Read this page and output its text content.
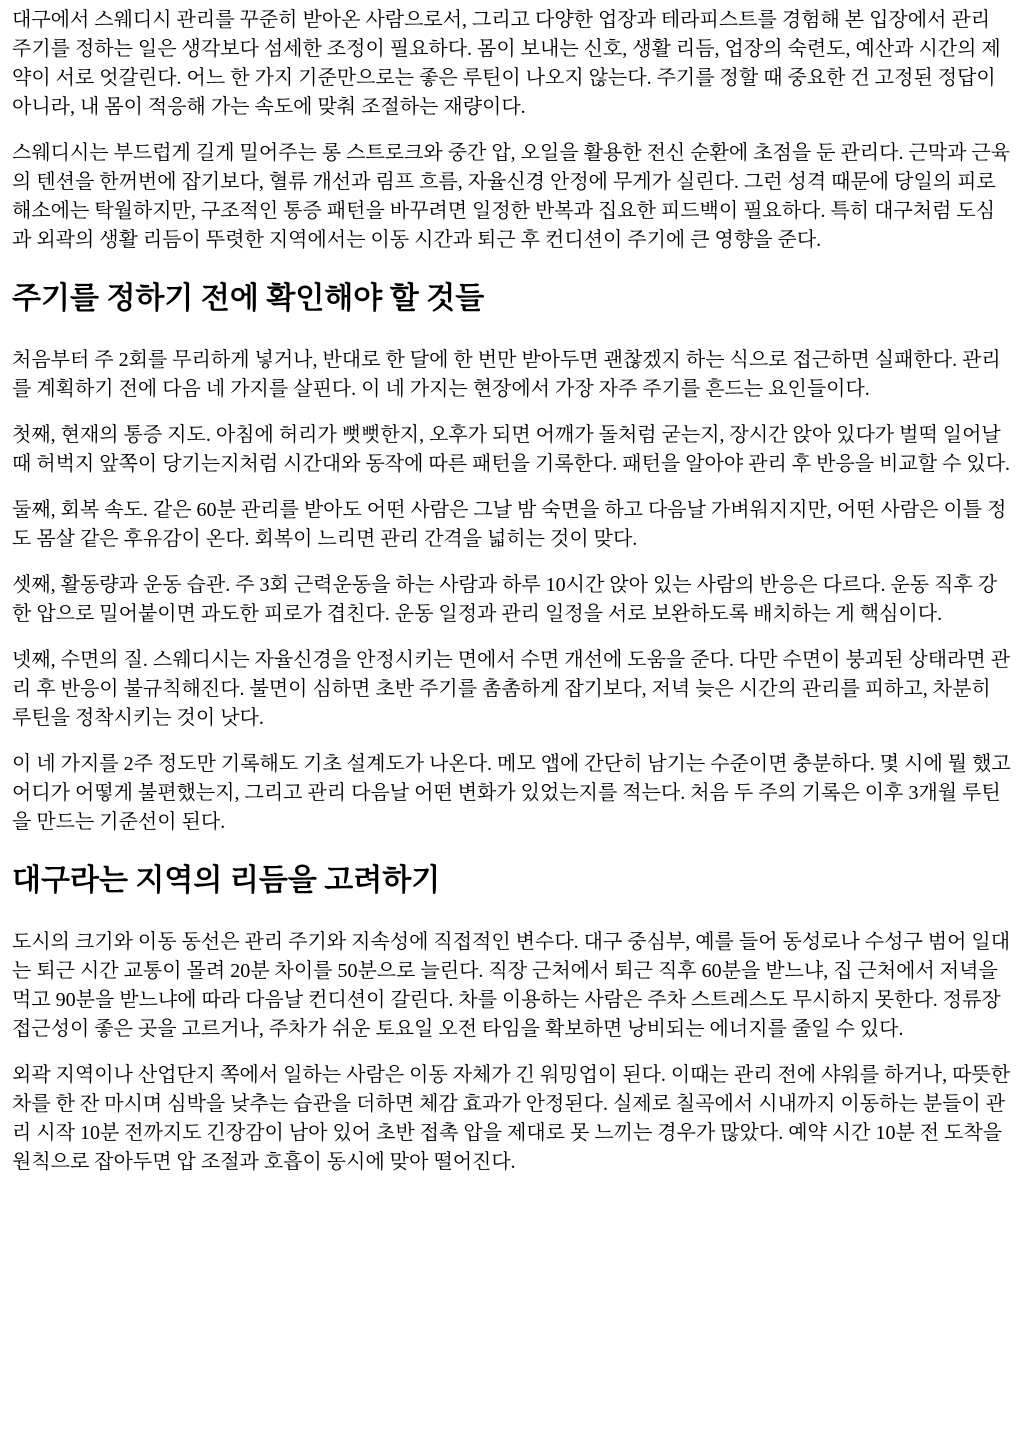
대구에서 스웨디시 관리를 꾸준히 받아온 사람으로서, 그리고 다양한 업장과 테라피스트를 경험해 본 입장에서 관리 주기를 정하는 일은 생각보다 섬세한 조정이 필요하다. 몸이 보내는 신호, 생활 리듬, 업장의 숙련도, 예산과 시간의 제약이 서로 엇갈린다. 어느 한 가지 기준만으로는 좋은 루틴이 나오지 않는다. 주기를 정할 때 중요한 건 고정된 정답이 아니라, 내 몸이 적응해 가는 속도에 맞춰 조절하는 재량이다.

스웨디시는 부드럽게 길게 밀어주는 롱 스트로크와 중간 압, 오일을 활용한 전신 순환에 초점을 둔 관리다. 근막과 근육의 텐션을 한꺼번에 잡기보다, 혈류 개선과 림프 흐름, 자율신경 안정에 무게가 실린다. 그런 성격 때문에 당일의 피로 해소에는 탁월하지만, 구조적인 통증 패턴을 바꾸려면 일정한 반복과 집요한 피드백이 필요하다. 특히 대구처럼 도심과 외곽의 생활 리듬이 뚜렷한 지역에서는 이동 시간과 퇴근 후 컨디션이 주기에 큰 영향을 준다.

주기를 정하기 전에 확인해야 할 것들

처음부터 주 2회를 무리하게 넣거나, 반대로 한 달에 한 번만 받아두면 괜찮겠지 하는 식으로 접근하면 실패한다. 관리를 계획하기 전에 다음 네 가지를 살핀다. 이 네 가지는 현장에서 가장 자주 주기를 흔드는 요인들이다.

첫째, 현재의 통증 지도. 아침에 허리가 뻣뻣한지, 오후가 되면 어깨가 돌처럼 굳는지, 장시간 앉아 있다가 벌떡 일어날 때 허벅지 앞쪽이 당기는지처럼 시간대와 동작에 따른 패턴을 기록한다. 패턴을 알아야 관리 후 반응을 비교할 수 있다.

둘째, 회복 속도. 같은 60분 관리를 받아도 어떤 사람은 그날 밤 숙면을 하고 다음날 가벼워지지만, 어떤 사람은 이틀 정도 몸살 같은 후유감이 온다. 회복이 느리면 관리 간격을 넓히는 것이 맞다.

셋째, 활동량과 운동 습관. 주 3회 근력운동을 하는 사람과 하루 10시간 앉아 있는 사람의 반응은 다르다. 운동 직후 강한 압으로 밀어붙이면 과도한 피로가 겹친다. 운동 일정과 관리 일정을 서로 보완하도록 배치하는 게 핵심이다.

넷째, 수면의 질. 스웨디시는 자율신경을 안정시키는 면에서 수면 개선에 도움을 준다. 다만 수면이 붕괴된 상태라면 관리 후 반응이 불규칙해진다. 불면이 심하면 초반 주기를 촘촘하게 잡기보다, 저녁 늦은 시간의 관리를 피하고, 차분히 루틴을 정착시키는 것이 낫다.

이 네 가지를 2주 정도만 기록해도 기초 설계도가 나온다. 메모 앱에 간단히 남기는 수준이면 충분하다. 몇 시에 뭘 했고 어디가 어떻게 불편했는지, 그리고 관리 다음날 어떤 변화가 있었는지를 적는다. 처음 두 주의 기록은 이후 3개월 루틴을 만드는 기준선이 된다.

대구라는 지역의 리듬을 고려하기

도시의 크기와 이동 동선은 관리 주기와 지속성에 직접적인 변수다. 대구 중심부, 예를 들어 동성로나 수성구 범어 일대는 퇴근 시간 교통이 몰려 20분 차이를 50분으로 늘린다. 직장 근처에서 퇴근 직후 60분을 받느냐, 집 근처에서 저녁을 먹고 90분을 받느냐에 따라 다음날 컨디션이 갈린다. 차를 이용하는 사람은 주차 스트레스도 무시하지 못한다. 정류장 접근성이 좋은 곳을 고르거나, 주차가 쉬운 토요일 오전 타임을 확보하면 낭비되는 에너지를 줄일 수 있다.

외곽 지역이나 산업단지 쪽에서 일하는 사람은 이동 자체가 긴 워밍업이 된다. 이때는 관리 전에 샤워를 하거나, 따뜻한 차를 한 잔 마시며 심박을 낮추는 습관을 더하면 체감 효과가 안정된다. 실제로 칠곡에서 시내까지 이동하는 분들이 관리 시작 10분 전까지도 긴장감이 남아 있어 초반 접촉 압을 제대로 못 느끼는 경우가 많았다. 예약 시간 10분 전 도착을 원칙으로 잡아두면 압 조절과 호흡이 동시에 맞아 떨어진다.
